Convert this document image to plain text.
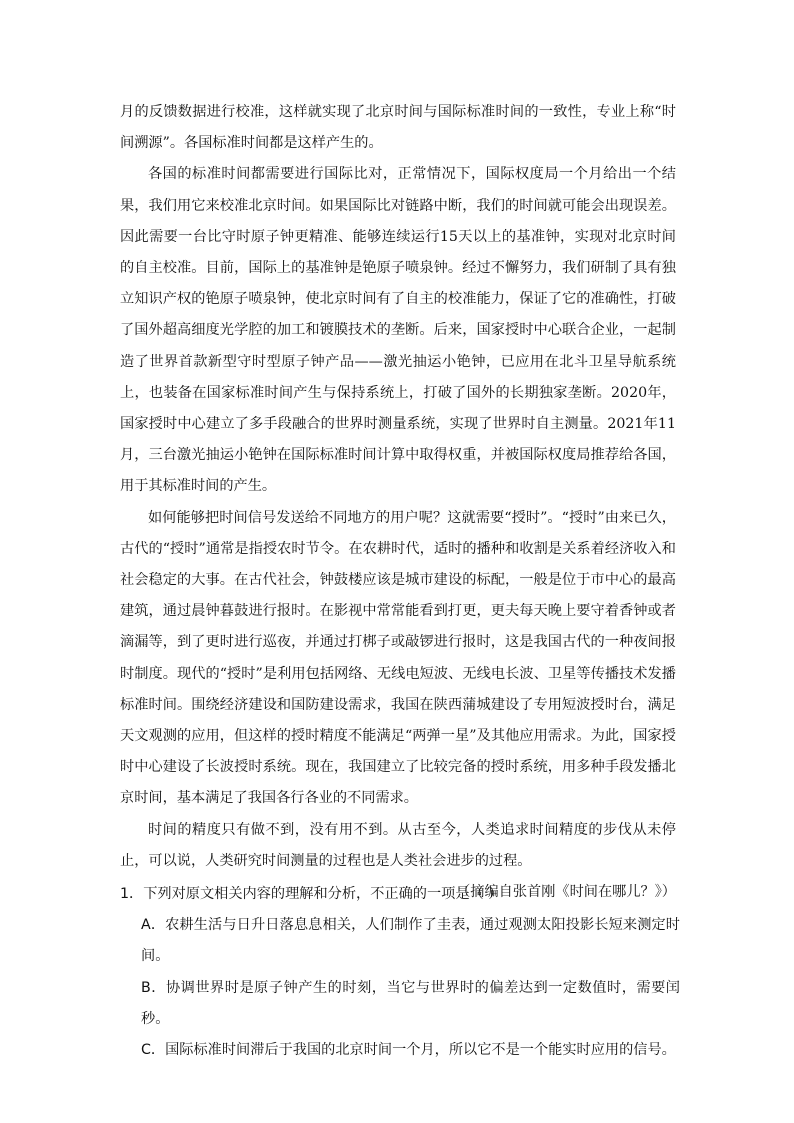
月的反馈数据进行校准，这样就实现了北京时间与国际标准时间的一致性，专业上称“时间溯源”。各国标准时间都是这样产生的。

各国的标准时间都需要进行国际比对，正常情况下，国际权度局一个月给出一个结果，我们用它来校准北京时间。如果国际比对链路中断，我们的时间就可能会出现误差。因此需要一台比守时原子钟更精准、能够连续运行15天以上的基准钟，实现对北京时间的自主校准。目前，国际上的基准钟是铯原子喷泉钟。经过不懈努力，我们研制了具有独立知识产权的铯原子喷泉钟，使北京时间有了自主的校准能力，保证了它的准确性，打破了国外超高细度光学腔的加工和镀膜技术的垄断。后来，国家授时中心联合企业，一起制造了世界首款新型守时型原子钟产品——激光抽运小铯钟，已应用在北斗卫星导航系统上，也装备在国家标准时间产生与保持系统上，打破了国外的长期独家垄断。2020年，国家授时中心建立了多手段融合的世界时测量系统，实现了世界时自主测量。2021年11月，三台激光抽运小铯钟在国际标准时间计算中取得权重，并被国际权度局推荐给各国，用于其标准时间的产生。

如何能够把时间信号发送给不同地方的用户呢？这就需要“授时”。“授时”由来已久，古代的“授时”通常是指授农时节令。在农耕时代，适时的播种和收割是关系着经济收入和社会稳定的大事。在古代社会，钟鼓楼应该是城市建设的标配，一般是位于市中心的最高建筑，通过晨钟暮鼓进行报时。在影视中常常能看到打更，更夫每天晚上要守着香钟或者滴漏等，到了更时进行巡夜，并通过打梆子或敲锣进行报时，这是我国古代的一种夜间报时制度。现代的“授时”是利用包括网络、无线电短波、无线电长波、卫星等传播技术发播标准时间。围绕经济建设和国防建设需求，我国在陕西蒲城建设了专用短波授时台，满足天文观测的应用，但这样的授时精度不能满足“两弹一星”及其他应用需求。为此，国家授时中心建设了长波授时系统。现在，我国建立了比较完备的授时系统，用多种手段发播北京时间，基本满足了我国各行各业的不同需求。

时间的精度只有做不到，没有用不到。从古至今，人类追求时间精度的步伐从未停止，可以说，人类研究时间测量的过程也是人类社会进步的过程。

（摘编自张首刚《时间在哪儿？》）

1．下列对原文相关内容的理解和分析，不正确的一项是（ ）

A．农耕生活与日升日落息息相关，人们制作了圭表，通过观测太阳投影长短来测定时间。

B．协调世界时是原子钟产生的时刻，当它与世界时的偏差达到一定数值时，需要闰秒。

C．国际标准时间滞后于我国的北京时间一个月，所以它不是一个能实时应用的信号。
